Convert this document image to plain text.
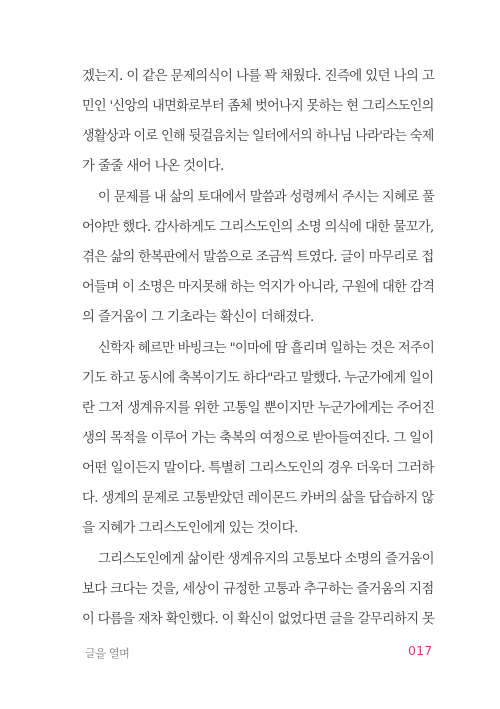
겠는지. 이 같은 문제의식이 나를 꽉 채웠다. 진즉에 있던 나의 고
민인 '신앙의 내면화로부터 좀체 벗어나지 못하는 현 그리스도인의
생활상과 이로 인해 뒷걸음치는 일터에서의 하나님 나라'라는 숙제
가 줄줄 새어 나온 것이다.
이 문제를 내 삶의 토대에서 말씀과 성령께서 주시는 지혜로 풀
어야만 했다. 감사하게도 그리스도인의 소명 의식에 대한 물꼬가,
겪은 삶의 한복판에서 말씀으로 조금씩 트였다. 글이 마무리로 접
어들며 이 소명은 마지못해 하는 억지가 아니라, 구원에 대한 감격
의 즐거움이 그 기초라는 확신이 더해졌다.
신학자 헤르만 바빙크는 "이마에 땀 흘리며 일하는 것은 저주이
기도 하고 동시에 축복이기도 하다"라고 말했다. 누군가에게 일이
란 그저 생계유지를 위한 고통일 뿐이지만 누군가에게는 주어진
생의 목적을 이루어 가는 축복의 여정으로 받아들여진다. 그 일이
어떤 일이든지 말이다. 특별히 그리스도인의 경우 더욱더 그러하
다. 생계의 문제로 고통받았던 레이몬드 카버의 삶을 답습하지 않
을 지혜가 그리스도인에게 있는 것이다.
그리스도인에게 삶이란 생계유지의 고통보다 소명의 즐거움이
보다 크다는 것을, 세상이 규정한 고통과 추구하는 즐거움의 지점
이 다름을 재차 확인했다. 이 확신이 없었다면 글을 갈무리하지 못
글을 열며	017
